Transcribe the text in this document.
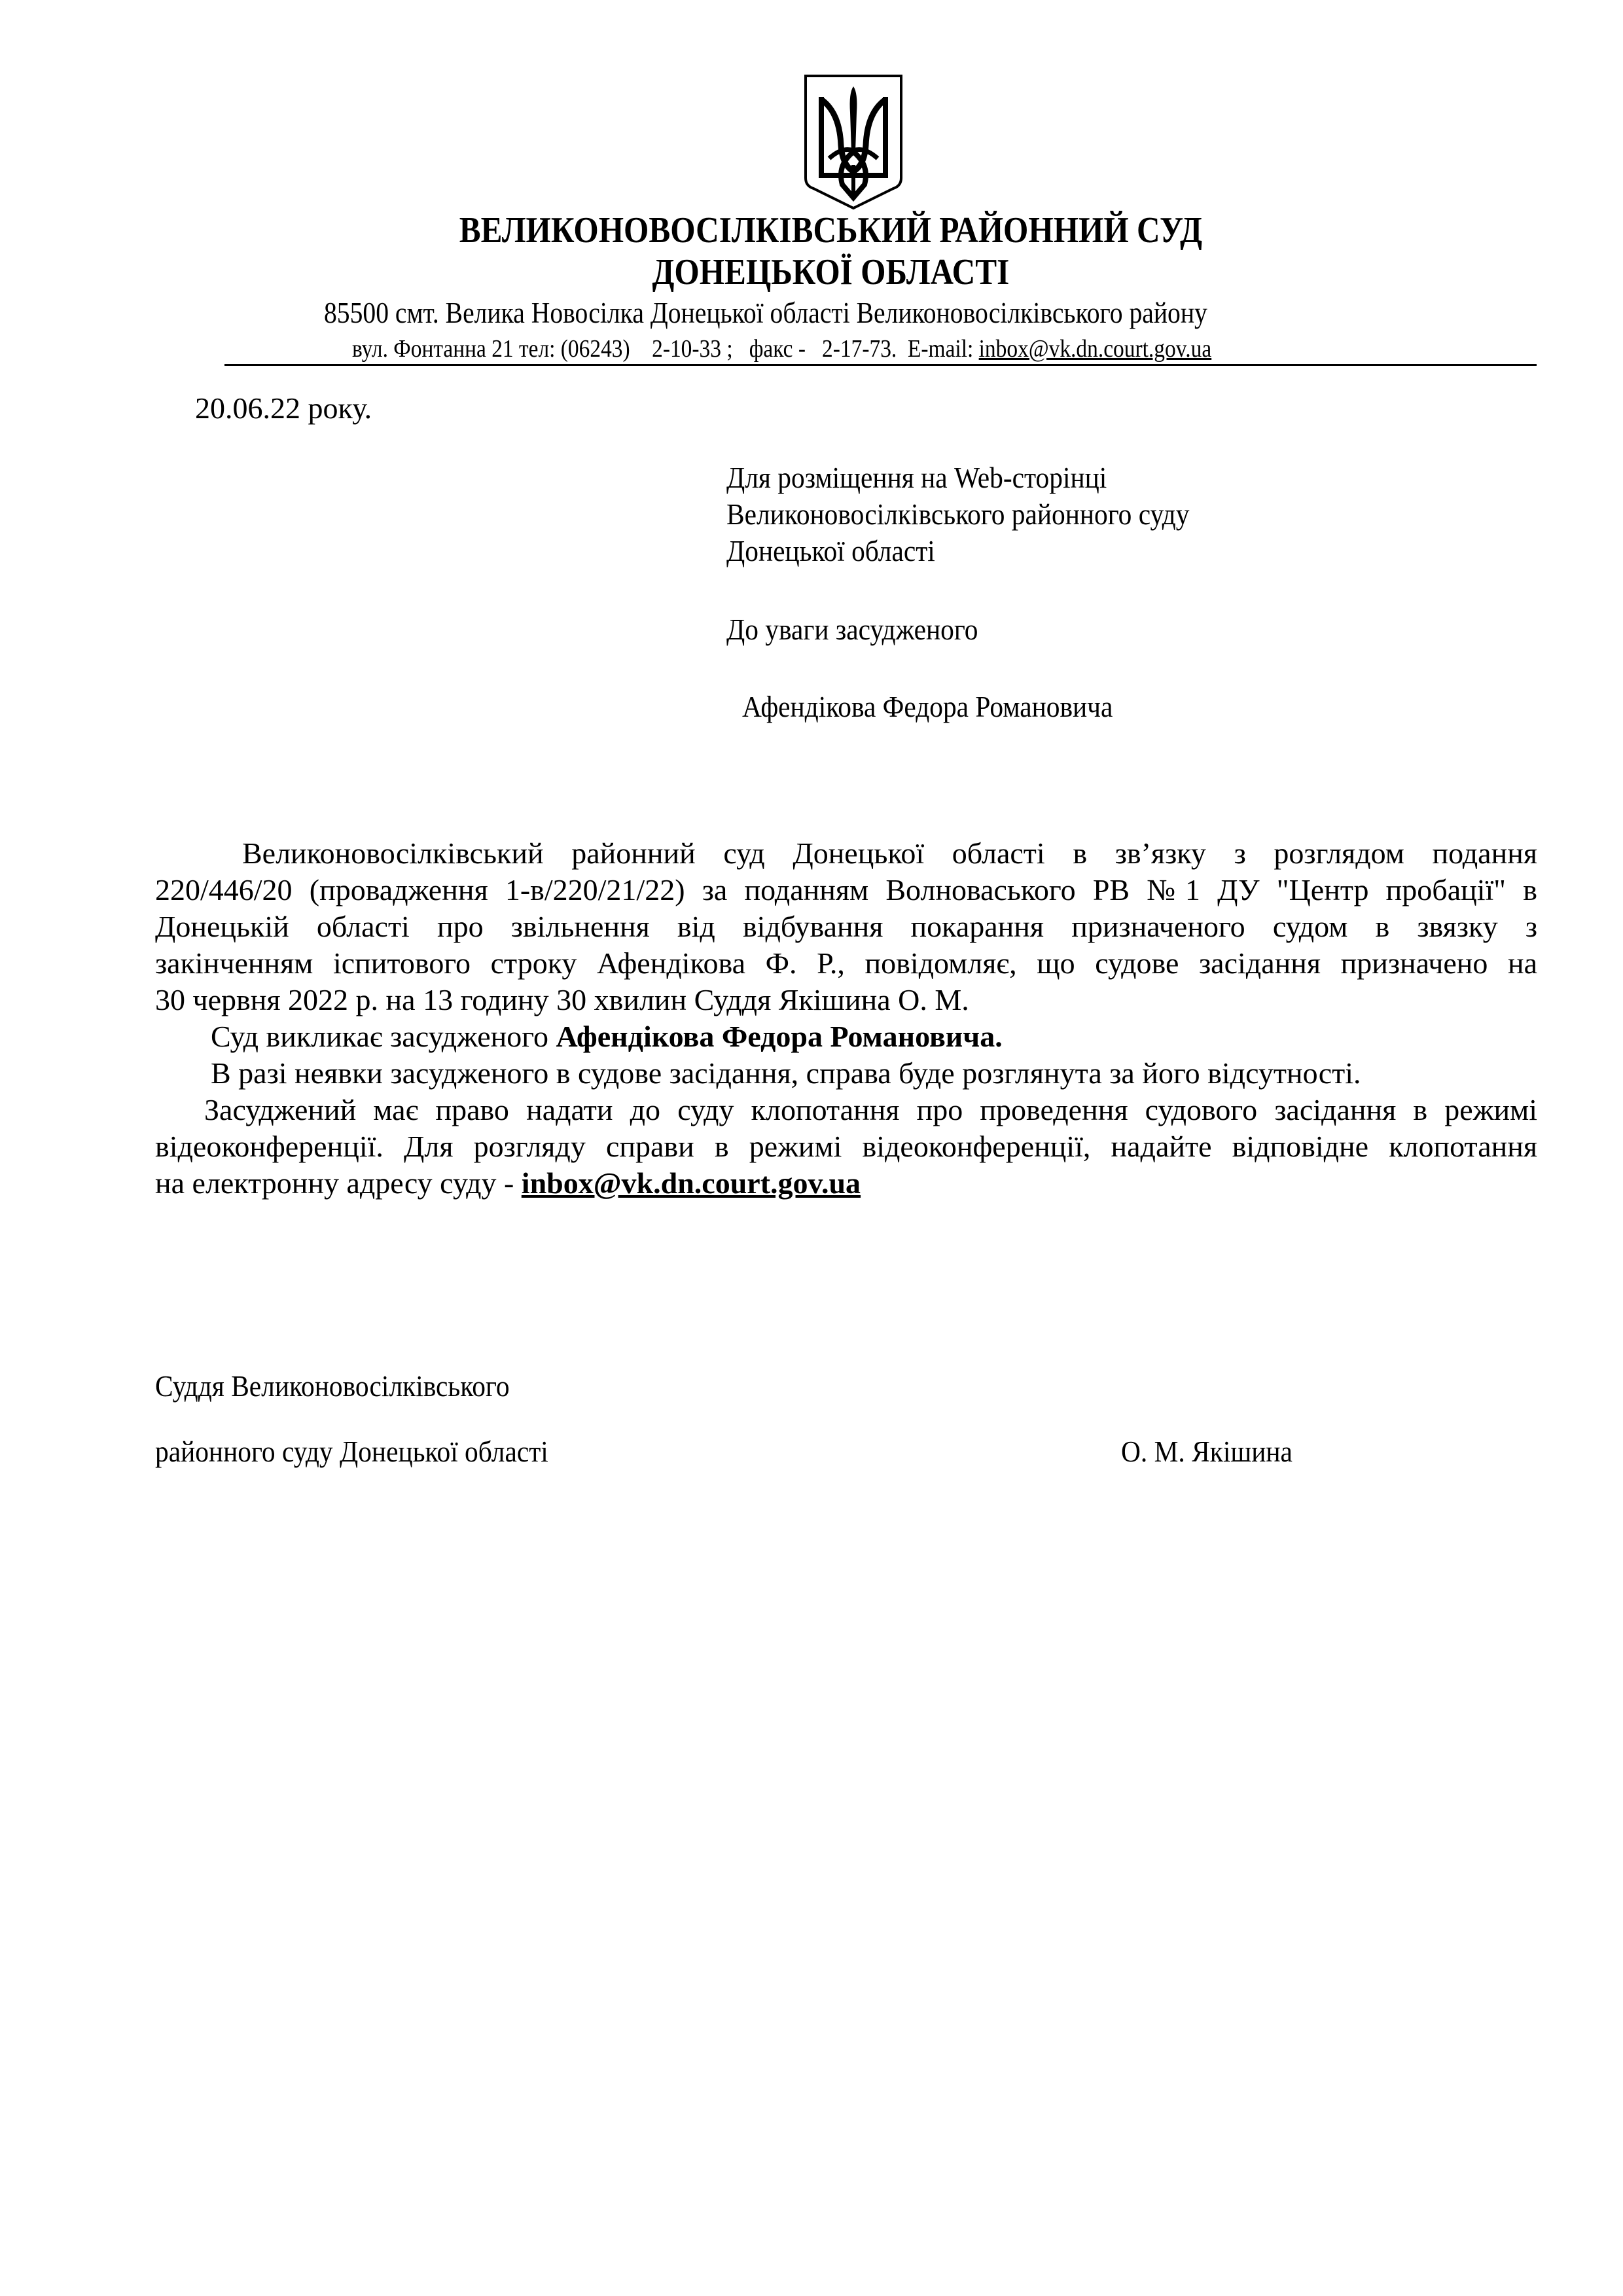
ВЕЛИКОНОВОСІЛКІВСЬКИЙ РАЙОННИЙ СУД
ДОНЕЦЬКОЇ ОБЛАСТІ
85500 смт. Велика Новосілка Донецької області Великоновосілківського району
вул. Фонтанна 21 тел: (06243)    2-10-33 ;   факс -   2-17-73.  E-mail: inbox@vk.dn.court.gov.ua
20.06.22 року.
Для розміщення на Web-сторінці
Великоновосілківського районного суду
Донецької області
До уваги засудженого
Афендікова Федора Романовича
Великоновосілківський районний суд Донецької області в зв’язку з розглядом подання
220/446/20 (провадження 1-в/220/21/22) за поданням Волноваського РВ №1 ДУ "Центр пробації" в
Донецькій області про звільнення від відбування покарання призначеного судом в звязку з
закінченням іспитового строку Афендікова Ф. Р., повідомляє, що судове засідання призначено на
30 червня 2022 р. на 13 годину 30 хвилин Суддя Якішина О. М.
Суд викликає засудженого Афендікова Федора Романовича.
В разі неявки засудженого в судове засідання, справа буде розглянута за його відсутності.
Засуджений має право надати до суду клопотання про проведення судового засідання в режимі
відеоконференції. Для розгляду справи в режимі відеоконференції, надайте відповідне клопотання
на електронну адресу суду - inbox@vk.dn.court.gov.ua
Суддя Великоновосілківського
районного суду Донецької області	О. М. Якішина
